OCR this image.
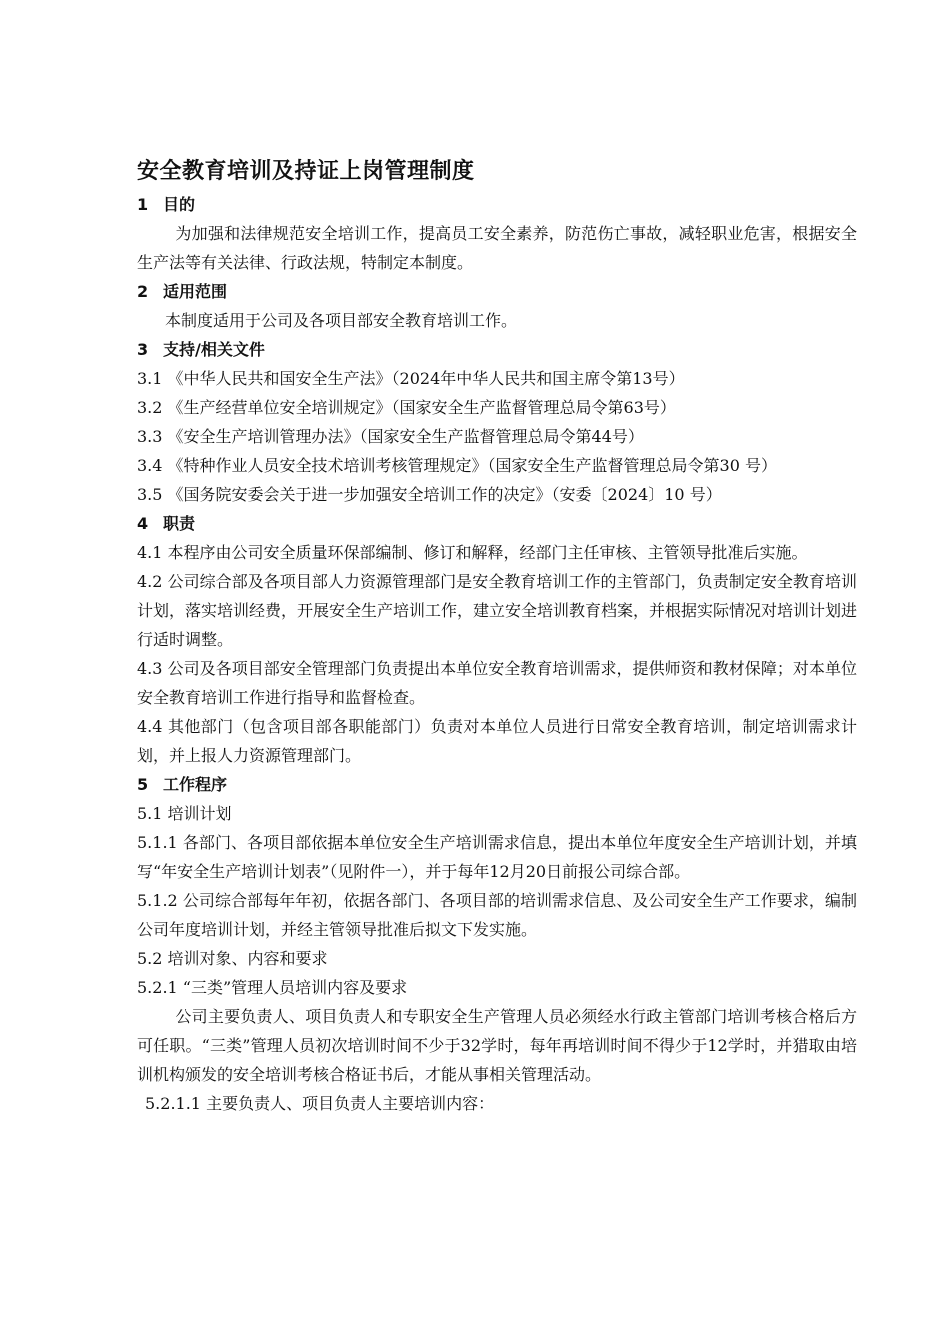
安全教育培训及持证上岗管理制度
1 目的

为加强和法律规范安全培训工作，提高员工安全素养，防范伤亡事故，减轻职业危害，根据安全生产法等有关法律、行政法规，特制定本制度。

2 适用范围

本制度适用于公司及各项目部安全教育培训工作。

3 支持/相关文件

3.1 《中华人民共和国安全生产法》（2024年中华人民共和国主席令第13号）

3.2 《生产经营单位安全培训规定》（国家安全生产监督管理总局令第63号）

3.3 《安全生产培训管理办法》（国家安全生产监督管理总局令第44号）

3.4 《特种作业人员安全技术培训考核管理规定》（国家安全生产监督管理总局令第30 号）

3.5 《国务院安委会关于进一步加强安全培训工作的决定》（安委〔2024〕10 号）

4 职责

4.1 本程序由公司安全质量环保部编制、修订和解释，经部门主任审核、主管领导批准后实施。

4.2 公司综合部及各项目部人力资源管理部门是安全教育培训工作的主管部门，负责制定安全教育培训计划，落实培训经费，开展安全生产培训工作，建立安全培训教育档案，并根据实际情况对培训计划进行适时调整。

4.3 公司及各项目部安全管理部门负责提出本单位安全教育培训需求，提供师资和教材保障；对本单位安全教育培训工作进行指导和监督检查。

4.4 其他部门（包含项目部各职能部门）负责对本单位人员进行日常安全教育培训，制定培训需求计划，并上报人力资源管理部门。

5 工作程序

5.1 培训计划

5.1.1 各部门、各项目部依据本单位安全生产培训需求信息，提出本单位年度安全生产培训计划，并填写“年安全生产培训计划表”（见附件一），并于每年12月20日前报公司综合部。

5.1.2 公司综合部每年年初，依据各部门、各项目部的培训需求信息、及公司安全生产工作要求，编制公司年度培训计划，并经主管领导批准后拟文下发实施。

5.2 培训对象、内容和要求

5.2.1 “三类”管理人员培训内容及要求

公司主要负责人、项目负责人和专职安全生产管理人员必须经水行政主管部门培训考核合格后方可任职。“三类”管理人员初次培训时间不少于32学时，每年再培训时间不得少于12学时，并猎取由培训机构颁发的安全培训考核合格证书后，才能从事相关管理活动。

5.2.1.1 主要负责人、项目负责人主要培训内容：
